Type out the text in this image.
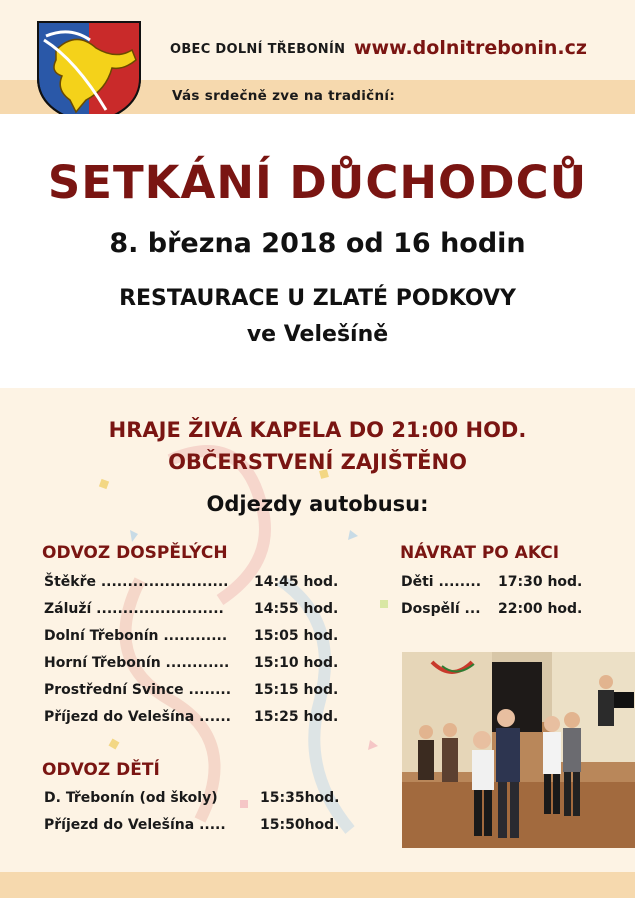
OBEC DOLNÍ TŘEBONÍN www.dolnitrebonin.cz
Vás srdečně zve na tradiční:
SETKÁNÍ DŮCHODCŮ
8. března 2018 od 16 hodin
RESTAURACE U ZLATÉ PODKOVY
ve Velešíně
HRAJE ŽIVÁ KAPELA DO 21:00 HOD.
OBČERSTVENÍ ZAJIŠTĚNO
Odjezdy autobusu:
ODVOZ DOSPĚLÝCH
Štěkře ........................ 14:45 hod.
Záluží ........................ 14:55 hod.
Dolní Třebonín ............ 15:05 hod.
Horní Třebonín ............ 15:10 hod.
Prostřední Svince ........ 15:15 hod.
Příjezd do Velešína ...... 15:25 hod.
ODVOZ DĚTÍ
D. Třebonín (od školy)	15:35hod.
Příjezd do Velešína ..... 15:50hod.
NÁVRAT PO AKCI
Děti ........ 17:30 hod.
Dospělí ... 22:00 hod.
